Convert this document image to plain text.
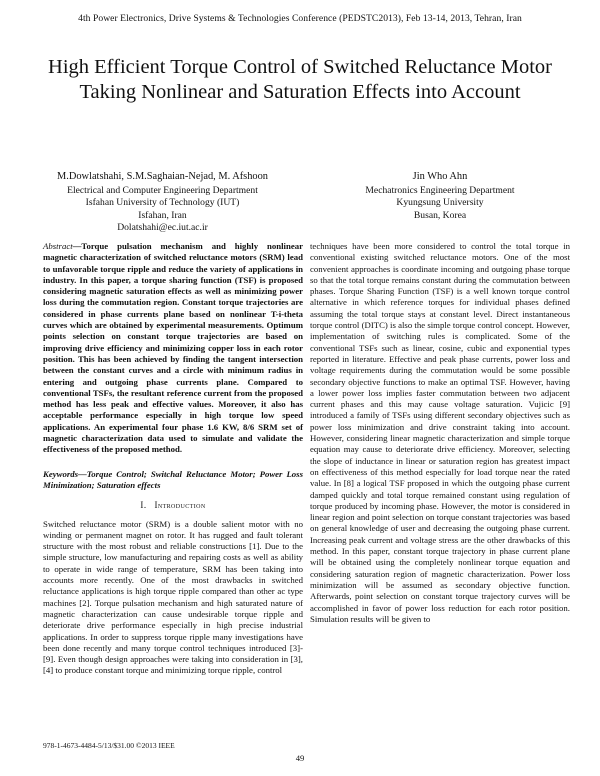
4th Power Electronics, Drive Systems & Technologies Conference (PEDSTC2013), Feb 13-14, 2013, Tehran, Iran
High Efficient Torque Control of Switched Reluctance Motor Taking Nonlinear and Saturation Effects into Account
M.Dowlatshahi, S.M.Saghaian-Nejad, M. Afshoon
Electrical and Computer Engineering Department
Isfahan University of Technology (IUT)
Isfahan, Iran
Dolatshahi@ec.iut.ac.ir
Jin Who Ahn
Mechatronics Engineering Department
Kyungsung University
Busan, Korea

Abstract—Torque pulsation mechanism and highly nonlinear magnetic characterization of switched reluctance motors (SRM) lead to unfavorable torque ripple and reduce the variety of applications in industry. In this paper, a torque sharing function (TSF) is proposed considering magnetic saturation effects as well as minimizing power loss during the commutation region. Constant torque trajectories are considered in phase currents plane based on nonlinear T-i-theta curves which are obtained by experimental measurements. Optimum points selection on constant torque trajectories are based on improving drive efficiency and minimizing copper loss in each rotor position. This has been achieved by finding the tangent intersection between the constant curves and a circle with minimum radius in entering and outgoing phase currents plane. Compared to conventional TSFs, the resultant reference current from the proposed method has less peak and effective values. Moreover, it also has acceptable performance especially in high torque low speed applications. An experimental four phase 1.6 KW, 8/6 SRM set of magnetic characterization data used to simulate and validate the effectiveness of the proposed method.

Keywords—Torque Control; Switchal Reluctance Motor; Power Loss Minimization; Saturation effects

I. Introduction

Switched reluctance motor (SRM) is a double salient motor with no winding or permanent magnet on rotor. It has rugged and fault tolerant structure with the most robust and reliable constructions [1]. Due to the simple structure, low manufacturing and repairing costs as well as ability to operate in wide range of temperature, SRM has been taking into accounts more recently. One of the most drawbacks in switched reluctance applications is high torque ripple compared than other ac type machines [2]. Torque pulsation mechanism and high saturated nature of magnetic characterization can cause undesirable torque ripple and deteriorate drive performance especially in high precise industrial applications. In order to suppress torque ripple many investigations have been done recently and many torque control techniques introduced [3]-[9]. Even though design approaches were taking into consideration in [3],[4] to produce constant torque and minimizing torque ripple, control

techniques have been more considered to control the total torque in conventional existing switched reluctance motors. One of the most convenient approaches is coordinate incoming and outgoing phase torque so that the total torque remains constant during the commutation between phases. Torque Sharing Function (TSF) is a well known torque control alternative in which reference torques for individual phases defined assuming the total torque stays at constant level. Direct instantaneous torque control (DITC) is also the simple torque control concept. However, implementation of switching rules is complicated. Some of the conventional TSFs such as linear, cosine, cubic and exponential types reported in literature. Effective and peak phase currents, power loss and voltage requirements during the commutation would be some possible secondary objective functions to make an optimal TSF. However, having a lower power loss implies faster commutation between two adjacent current phases and this may cause voltage saturation. Vujicic [9] introduced a family of TSFs using different secondary objectives such as power loss minimization and drive constraint taking into account. However, considering linear magnetic characterization and simple torque equation may cause to deteriorate drive efficiency. Moreover, selecting the slope of inductance in linear or saturation region has greatest impact on effectiveness of this method especially for load torque near the rated value. In [8] a logical TSF proposed in which the outgoing phase current damped quickly and total torque remained constant using regulation of torque produced by incoming phase. However, the motor is considered in linear region and point selection on torque constant trajectories was based on general knowledge of user and decreasing the outgoing phase current. Increasing peak current and voltage stress are the other drawbacks of this method. In this paper, constant torque trajectory in phase current plane will be obtained using the completely nonlinear torque equation and considering saturation region of magnetic characterization. Power loss minimization will be assumed as secondary objective function. Afterwards, point selection on constant torque trajectory curves will be accomplished in favor of power loss reduction for each rotor position. Simulation results will be given to

978-1-4673-4484-5/13/$31.00 ©2013 IEEE
49
